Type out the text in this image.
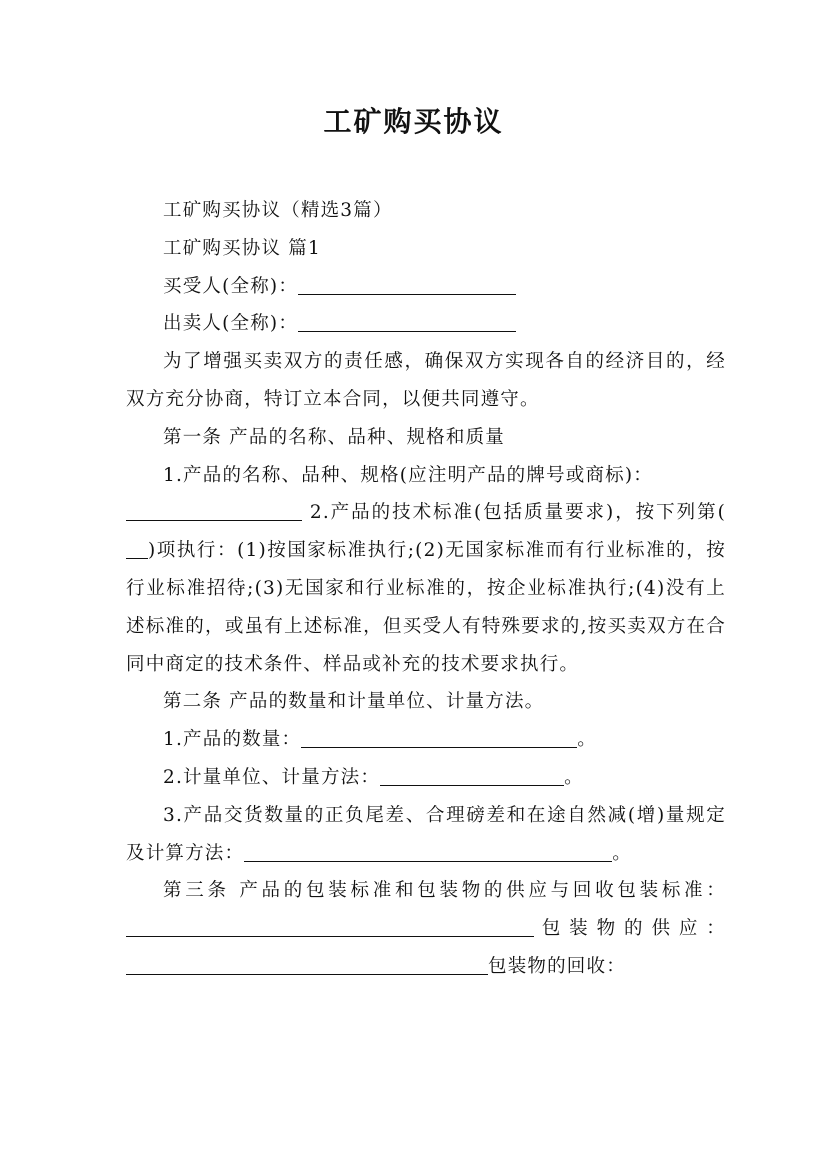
工矿购买协议

工矿购买协议（精选3篇）

工矿购买协议 篇1

买受人(全称)：

出卖人(全称)：

为了增强买卖双方的责任感，确保双方实现各自的经济目的，经双方充分协商，特订立本合同，以便共同遵守。

第一条 产品的名称、品种、规格和质量

1.产品的名称、品种、规格(应注明产品的牌号或商标)：

2.产品的技术标准(包括质量要求)，按下列第()项执行：(1)按国家标准执行;(2)无国家标准而有行业标准的，按行业标准招待;(3)无国家和行业标准的，按企业标准执行;(4)没有上述标准的，或虽有上述标准，但买受人有特殊要求的,按买卖双方在合同中商定的技术条件、样品或补充的技术要求执行。

第二条 产品的数量和计量单位、计量方法。

1.产品的数量：	。

2.计量单位、计量方法：	。

3.产品交货数量的正负尾差、合理磅差和在途自然减(增)量规定及计算方法：	。

第三条 产品的包装标准和包装物的供应与回收包装标准：包装物的供应：包装物的回收：
